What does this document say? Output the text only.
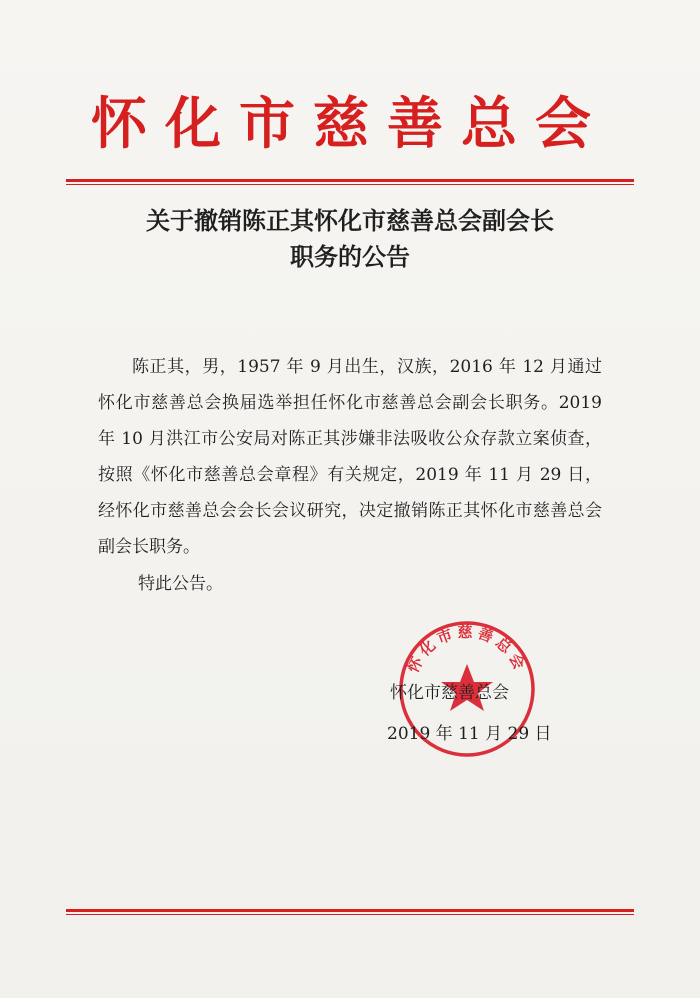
怀化市慈善总会
关于撤销陈正其怀化市慈善总会副会长
职务的公告
陈正其，男，1957 年 9 月出生，汉族，2016 年 12 月通过怀化市慈善总会换届选举担任怀化市慈善总会副会长职务。2019 年 10 月洪江市公安局对陈正其涉嫌非法吸收公众存款立案侦查，按照《怀化市慈善总会章程》有关规定，2019 年 11 月 29 日，经怀化市慈善总会会长会议研究，决定撤销陈正其怀化市慈善总会副会长职务。
特此公告。
怀化市慈善总会
怀化市慈善总会
2019 年 11 月 29 日
